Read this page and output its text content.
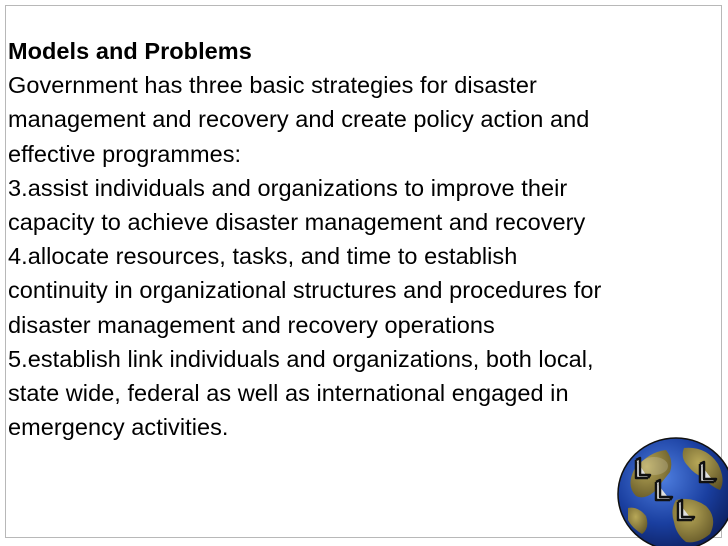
Models and Problems
Government has three basic strategies for disaster
management and recovery and create policy action and
effective programmes:
3.assist individuals and organizations to improve their
capacity to achieve disaster management and recovery
4.allocate resources, tasks, and time to establish
continuity in organizational structures and procedures for
disaster management and recovery operations
5.establish link individuals and organizations, both local,
state wide, federal as well as international engaged in
emergency activities.
